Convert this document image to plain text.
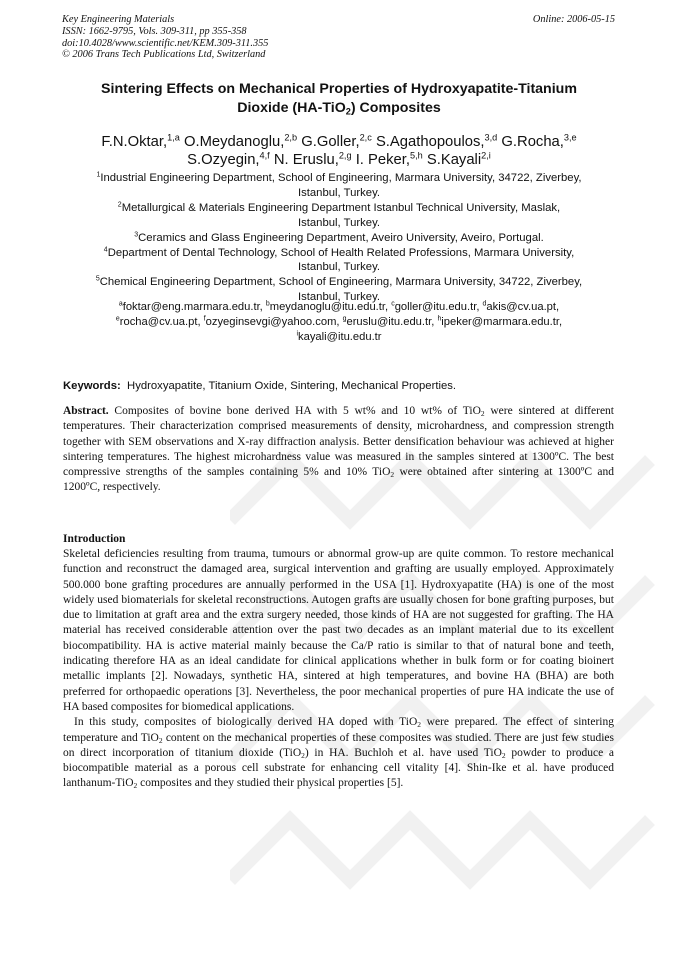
Key Engineering Materials
ISSN: 1662-9795, Vols. 309-311, pp 355-358
doi:10.4028/www.scientific.net/KEM.309-311.355
© 2006 Trans Tech Publications Ltd, Switzerland
Online: 2006-05-15
Sintering Effects on Mechanical Properties of Hydroxyapatite-Titanium
Dioxide (HA-TiO$_2$) Composites
F.N.Oktar,$^{1,a}$ O.Meydanoglu,$^{2,b}$ G.Goller,$^{2,c}$ S.Agathopoulos,$^{3,d}$ G.Rocha,$^{3,e}$
S.Ozyegin,$^{4,f}$ N. Eruslu,$^{2,g}$ I. Peker,$^{5,h}$ S.Kayali$^{2,i}$
$^1$Industrial Engineering Department, School of Engineering, Marmara University, 34722, Ziverbey,
Istanbul, Turkey.
$^2$Metallurgical & Materials Engineering Department Istanbul Technical University, Maslak,
Istanbul, Turkey.
$^3$Ceramics and Glass Engineering Department, Aveiro University, Aveiro, Portugal.
$^4$Department of Dental Technology, School of Health Related Professions, Marmara University,
Istanbul, Turkey.
$^5$Chemical Engineering Department, School of Engineering, Marmara University, 34722, Ziverbey,
Istanbul, Turkey.
$^a$foktar@eng.marmara.edu.tr, $^b$meydanoglu@itu.edu.tr, $^c$goller@itu.edu.tr, $^d$akis@cv.ua.pt,
$^e$rocha@cv.ua.pt, $^f$ozyeginsevgi@yahoo.com, $^g$eruslu@itu.edu.tr, $^h$ipeker@marmara.edu.tr,
$^i$kayali@itu.edu.tr
Keywords: Hydroxyapatite, Titanium Oxide, Sintering, Mechanical Properties.
Abstract. Composites of bovine bone derived HA with 5 wt% and 10 wt% of TiO$_2$ were sintered at different temperatures. Their characterization comprised measurements of density, microhardness, and compression strength together with SEM observations and X-ray diffraction analysis. Better densification behaviour was achieved at higher sintering temperatures. The highest microhardness value was measured in the samples sintered at 1300ºC. The best compressive strengths of the samples containing 5% and 10% TiO$_2$ were obtained after sintering at 1300ºC and 1200ºC, respectively.
Introduction

Skeletal deficiencies resulting from trauma, tumours or abnormal grow-up are quite common. To restore mechanical function and reconstruct the damaged area, surgical intervention and grafting are usually employed. Approximately 500.000 bone grafting procedures are annually performed in the USA [1]. Hydroxyapatite (HA) is one of the most widely used biomaterials for skeletal reconstructions. Autogen grafts are usually chosen for bone grafting purposes, but due to limitation at graft area and the extra surgery needed, those kinds of HA are not suggested for grafting. The HA material has received considerable attention over the past two decades as an implant material due to its excellent biocompatibility. HA is active material mainly because the Ca/P ratio is similar to that of natural bone and teeth, indicating therefore HA as an ideal candidate for clinical applications whether in bulk form or for coating bioinert metallic implants [2]. Nowadays, synthetic HA, sintered at high temperatures, and bovine HA (BHA) are both preferred for orthopaedic operations [3]. Nevertheless, the poor mechanical properties of pure HA indicate the use of HA based composites for biomedical applications.

In this study, composites of biologically derived HA doped with TiO$_2$ were prepared. The effect of sintering temperature and TiO$_2$ content on the mechanical properties of these composites was studied. There are just few studies on direct incorporation of titanium dioxide (TiO$_2$) in HA. Buchloh et al. have used TiO$_2$ powder to produce a biocompatible material as a porous cell substrate for enhancing cell vitality [4]. Shin-Ike et al. have produced lanthanum-TiO$_2$ composites and they studied their physical properties [5].
